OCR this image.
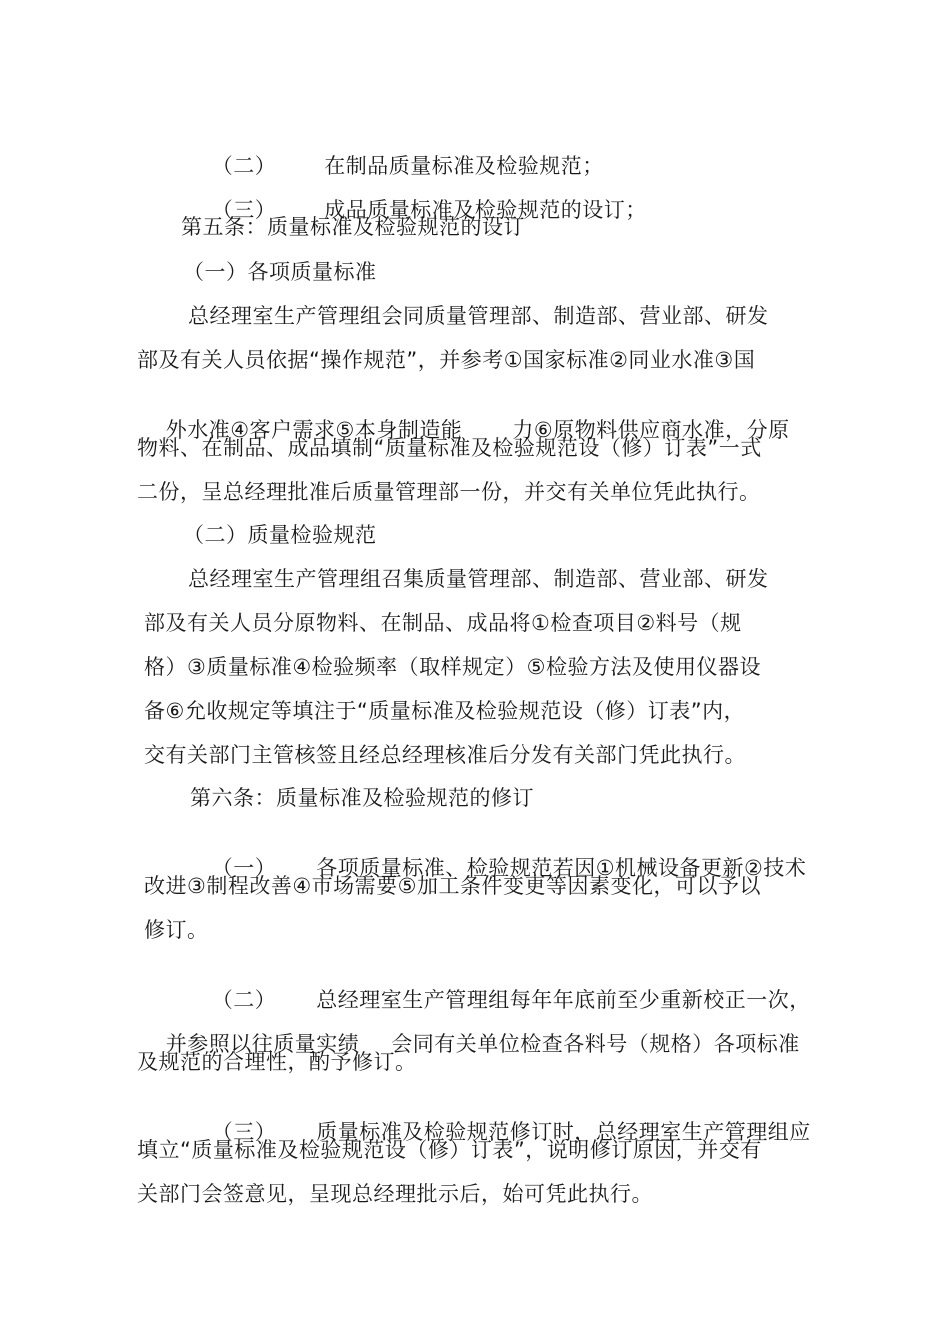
（二） 在制品质量标准及检验规范；

（三） 成品质量标准及检验规范的设订；

第五条：质量标准及检验规范的设订
（一）各项质量标准
总经理室生产管理组会同质量管理部、制造部、营业部、研发
部及有关人员依据“操作规范”，并参考①国家标准②同业水准③国

外水准④客户需求⑤本身制造能 力⑥原物料供应商水准，分原

物料、在制品、成品填制“质量标准及检验规范设（修）订表”一式
二份，呈总经理批准后质量管理部一份，并交有关单位凭此执行。
（二）质量检验规范
总经理室生产管理组召集质量管理部、制造部、营业部、研发
部及有关人员分原物料、在制品、成品将①检查项目②料号（规
格）③质量标准④检验频率（取样规定）⑤检验方法及使用仪器设
备⑥允收规定等填注于“质量标准及检验规范设（修）订表”内，
交有关部门主管核签且经总经理核准后分发有关部门凭此执行。
第六条：质量标准及检验规范的修订

（一） 各项质量标准、检验规范若因①机械设备更新②技术

改进③制程改善④市场需要⑤加工条件变更等因素变化，可以予以
修订。

（二） 总经理室生产管理组每年年底前至少重新校正一次，

并参照以往质量实绩 会同有关单位检查各料号（规格）各项标准

及规范的合理性，酌予修订。

（三） 质量标准及检验规范修订时，总经理室生产管理组应

填立“质量标准及检验规范设（修）订表”，说明修订原因，并交有
关部门会签意见，呈现总经理批示后，始可凭此执行。
